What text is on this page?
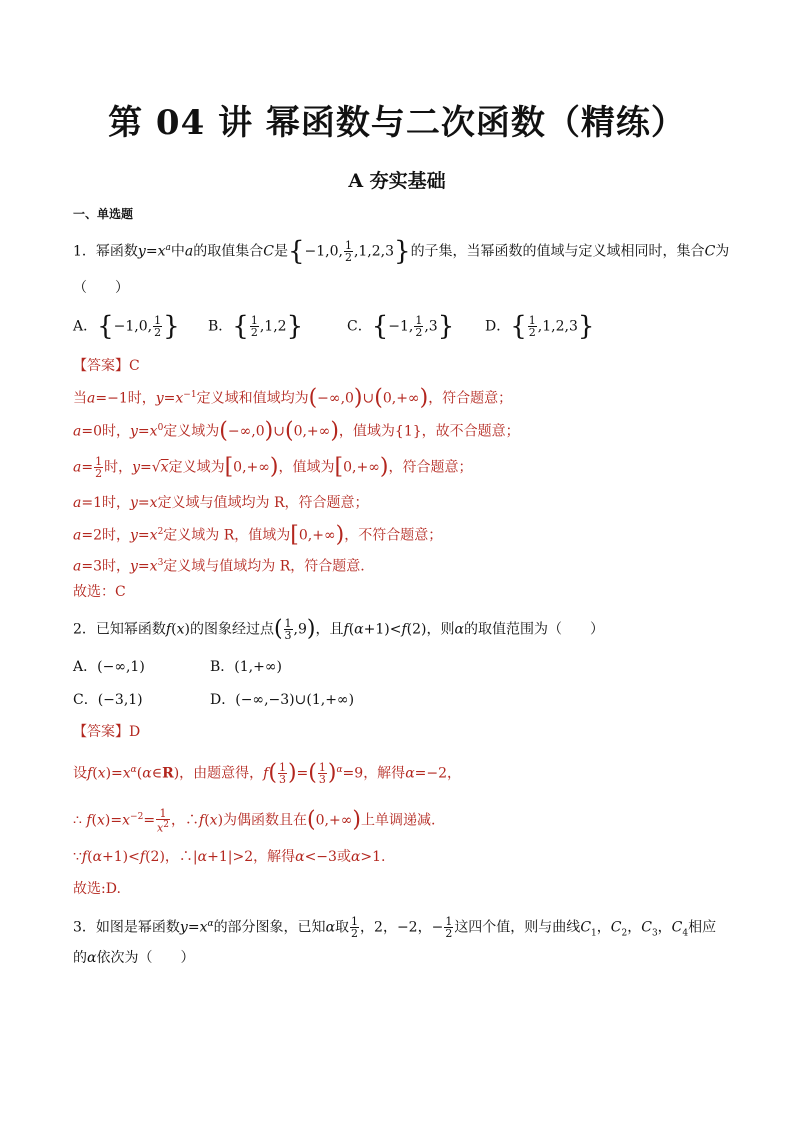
第 04 讲 幂函数与二次函数（精练）
A 夯实基础
一、单选题
1．幂函数$y=x^a$中a的取值集合C是{−1,0, $\frac{1}{2} ,1,2,3$}的子集，当幂函数的值域与定义域相同时，集合C为
（　　）
A．{−1,0, $\frac{1}{2}$ } B．{ $\frac{1}{2} ,1,2$}	C．{−1, $\frac{1}{2} ,3$} D．{ $\frac{1}{2} ,1,2,3$}
【答案】C
当a=−1时，$y=x^{-1}$定义域和值域均为(−∞,0)∪(0,+∞)，符合题意；
a=0时，$y=x^0$定义域为(−∞,0)∪(0,+∞)，值域为{1}，故不合题意；
$a= \frac{1}{2}$ 时，y=√x定义域为[0,+∞)，值域为[0,+∞)，符合题意；
a=1时，y=x定义域与值域均为 R，符合题意；
a=2时，$y=x^2$定义域为 R，值域为[0,+∞)，不符合题意；
a=3时，$y=x^3$定义域与值域均为 R，符合题意.
故选：C
2．已知幂函数f(x)的图象经过点( $\frac{1}{3} ,9$)，且f(α+1)<f(2)，则α的取值范围为（　　）
A．(−∞,1)	B．(1,+∞)
C．(−3,1)	D．(−∞,−3)∪(1,+∞)
【答案】D
设$f(x)=x^\alpha(\alpha\in R)$，由题意得，$f( \frac{1}{3}$ )=( $\frac{1}{3} )^\alpha=9$，解得α=−2，
∴ $f(x)=x^{-2}= \frac{1}{x^2}$ ，∴f(x)为偶函数且在(0,+∞)上单调递减.
∵f(α+1)<f(2)，∴|α+1|>2，解得α<−3或α>1.
故选:D.
3．如图是幂函数$y=x^\alpha$的部分图象，已知α取 $\frac{1}{2}$ ，2，−2，− $\frac{1}{2}$ 这四个值，则与曲线$C_1$，$C_2$，$C_3$，$C_4$相应
的α依次为（　　）
